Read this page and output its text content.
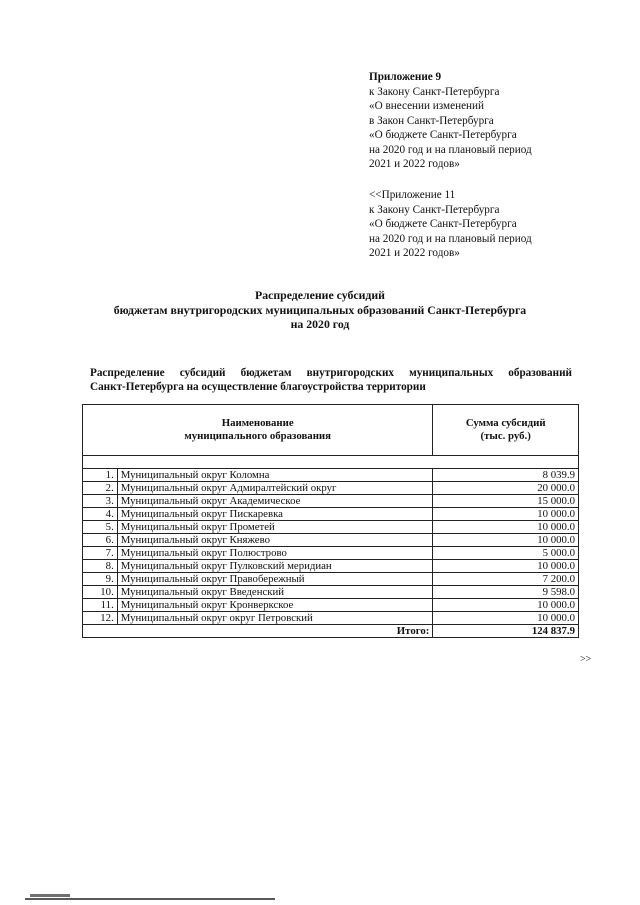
Приложение 9
к Закону Санкт-Петербурга
«О внесении изменений
в Закон Санкт-Петербурга
«О бюджете Санкт-Петербурга
на 2020 год и на плановый период
2021 и 2022 годов»
<<Приложение 11
к Закону Санкт-Петербурга
«О бюджете Санкт-Петербурга
на 2020 год и на плановый период
2021 и 2022 годов»
Распределение субсидий
бюджетам внутригородских муниципальных образований Санкт-Петербурга
на 2020 год
Распределение субсидий бюджетам внутригородских муниципальных образований
Санкт-Петербурга на осуществление благоустройства территории
Наименование
муниципального образования		Сумма субсидий
(тыс. руб.)

1.	Муниципальный округ Коломна	8 039.9
2.	Муниципальный округ Адмиралтейский округ	20 000.0
3.	Муниципальный округ Академическое	15 000.0
4.	Муниципальный округ Пискаревка	10 000.0
5.	Муниципальный округ Прометей	10 000.0
6.	Муниципальный округ Княжево	10 000.0
7.	Муниципальный округ Полюстрово	5 000.0
8.	Муниципальный округ Пулковский меридиан	10 000.0
9.	Муниципальный округ Правобережный	7 200.0
10.	Муниципальный округ Введенский	9 598.0
11.	Муниципальный округ Кронверкское	10 000.0
12.	Муниципальный округ округ Петровский	10 000.0
Итого:		124 837.9
>>
